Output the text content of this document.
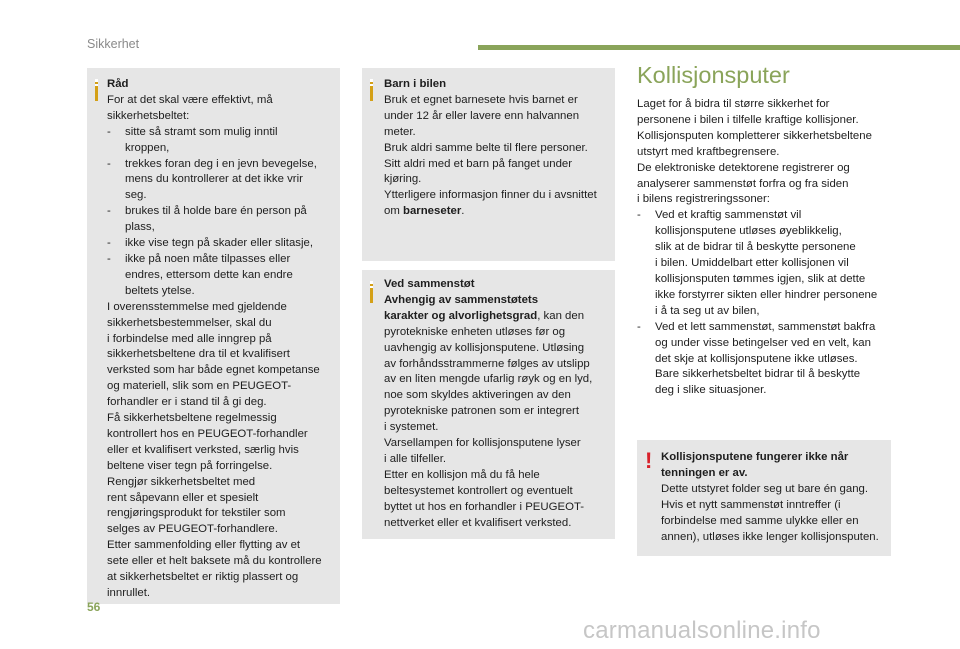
Sikkerhet
Råd
For at det skal være effektivt, må
sikkerhetsbeltet:
- sitte så stramt som mulig inntil
kroppen,
- trekkes foran deg i en jevn bevegelse,
mens du kontrollerer at det ikke vrir
seg.
- brukes til å holde bare én person på
plass,
- ikke vise tegn på skader eller slitasje,
- ikke på noen måte tilpasses eller
endres, ettersom dette kan endre
beltets ytelse.
I overensstemmelse med gjeldende
sikkerhetsbestemmelser, skal du
i forbindelse med alle inngrep på
sikkerhetsbeltene dra til et kvalifisert
verksted som har både egnet kompetanse
og materiell, slik som en PEUGEOT-
forhandler er i stand til å gi deg.
Få sikkerhetsbeltene regelmessig
kontrollert hos en PEUGEOT-forhandler
eller et kvalifisert verksted, særlig hvis
beltene viser tegn på forringelse.
Rengjør sikkerhetsbeltet med
rent såpevann eller et spesielt
rengjøringsprodukt for tekstiler som
selges av PEUGEOT-forhandlere.
Etter sammenfolding eller flytting av et
sete eller et helt baksete må du kontrollere
at sikkerhetsbeltet er riktig plassert og
innrullet.
Barn i bilen
Bruk et egnet barnesete hvis barnet er
under 12 år eller lavere enn halvannen
meter.
Bruk aldri samme belte til flere personer.
Sitt aldri med et barn på fanget under
kjøring.
Ytterligere informasjon finner du i avsnittet
om barneseter.
Ved sammenstøt
Avhengig av sammenstøtets
karakter og alvorlighetsgrad, kan den
pyrotekniske enheten utløses før og
uavhengig av kollisjonsputene. Utløsing
av forhåndsstrammerne følges av utslipp
av en liten mengde ufarlig røyk og en lyd,
noe som skyldes aktiveringen av den
pyrotekniske patronen som er integrert
i systemet.
Varsellampen for kollisjonsputene lyser
i alle tilfeller.
Etter en kollisjon må du få hele
beltesystemet kontrollert og eventuelt
byttet ut hos en forhandler i PEUGEOT-
nettverket eller et kvalifisert verksted.
Kollisjonsputer
Laget for å bidra til større sikkerhet for
personene i bilen i tilfelle kraftige kollisjoner.
Kollisjonsputen kompletterer sikkerhetsbeltene
utstyrt med kraftbegrensere.
De elektroniske detektorene registrerer og
analyserer sammenstøt forfra og fra siden
i bilens registreringssoner:
- Ved et kraftig sammenstøt vil
kollisjonsputene utløses øyeblikkelig,
slik at de bidrar til å beskytte personene
i bilen. Umiddelbart etter kollisjonen vil
kollisjonsputen tømmes igjen, slik at dette
ikke forstyrrer sikten eller hindrer personene
i å ta seg ut av bilen,
- Ved et lett sammenstøt, sammenstøt bakfra
og under visse betingelser ved en velt, kan
det skje at kollisjonsputene ikke utløses.
Bare sikkerhetsbeltet bidrar til å beskytte
deg i slike situasjoner.
! Kollisjonsputene fungerer ikke når
tenningen er av.
Dette utstyret folder seg ut bare én gang.
Hvis et nytt sammenstøt inntreffer (i
forbindelse med samme ulykke eller en
annen), utløses ikke lenger kollisjonsputen.
56
carmanualsonline.info
